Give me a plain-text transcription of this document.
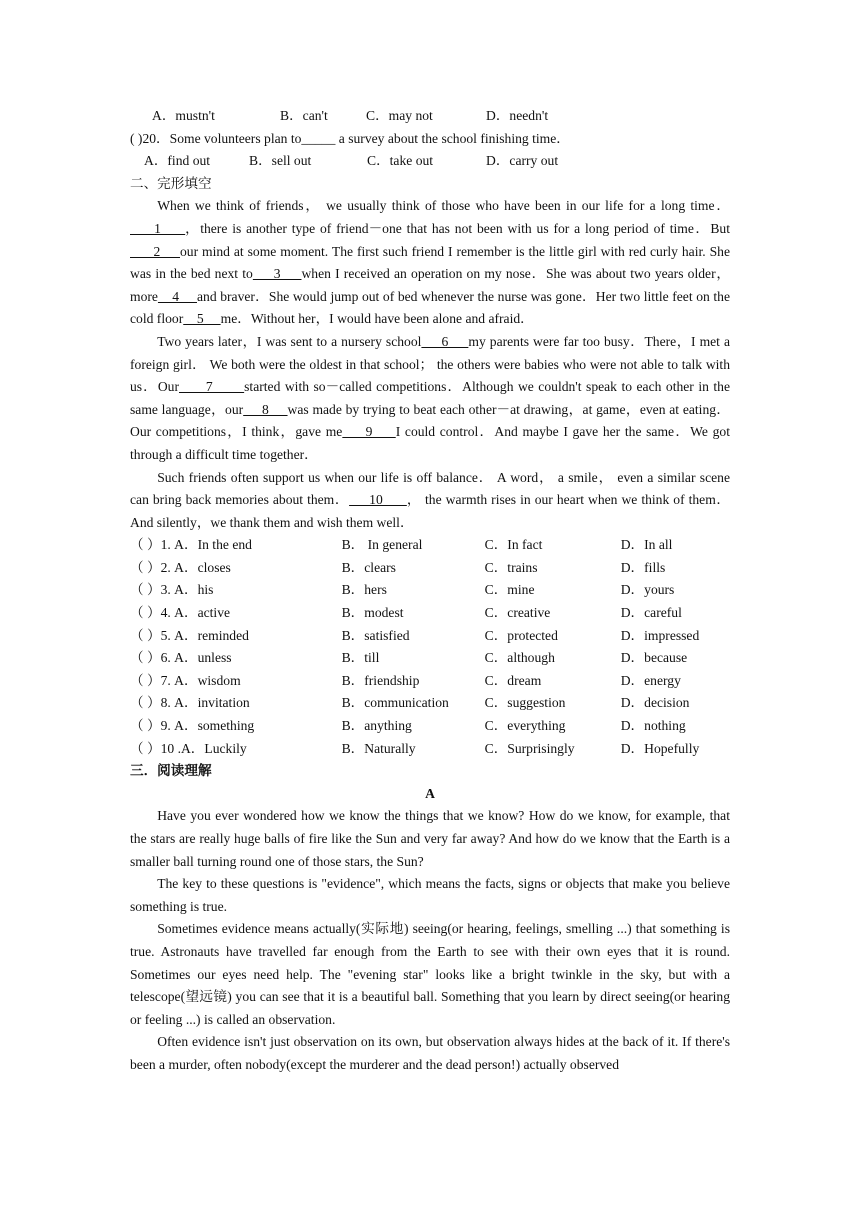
A．mustn't	B．can't	C．may not	D．needn't
( )20．Some volunteers plan to_____ a survey about the school finishing time．
A．find out	B．sell out	C．take out	D．carry out
二、完形填空

When we think of friends， we usually think of those who have been in our life for a long time．     1     ，there is another type of friend－one that has not been with us for a long period of time．But      2     our mind at some moment. The first such friend I remember is the little girl with red curly hair. She was in the bed next to     3     when I received an operation on my nose．She was about two years older，more    4     and braver．She would jump out of bed whenever the nurse was gone．Her two little feet on the cold floor    5     me．Without her，I would have been alone and afraid．

Two years later，I was sent to a nursery school     6     my parents were far too busy．There，I met a foreign girl． We both were the oldest in that school； the others were babies who were not able to talk with us．Our      7       started with so－called competitions．Although we couldn't speak to each other in the same language，our     8     was made by trying to beat each other－at drawing，at game，even at eating．Our competitions，I think，gave me     9     I could control．And maybe I gave her the same．We got through a difficult time together．

Such friends often support us when our life is off balance． A word， a smile， even a similar scene can bring back memories about them．     10      ， the warmth rises in our heart when we think of them．And silently，we thank them and wish them well．

（ ）1. A．In the end	B． In general	C．In fact	D．In all
（ ）2. A．closes	B．clears	C．trains	D．fills
（ ）3. A．his	B．hers	C．mine	D．yours
（ ）4. A．active	B．modest	C．creative	D．careful
（ ）5. A．reminded	B．satisfied	C．protected	D．impressed
（ ）6. A．unless	B．till	C．although	D．because
（ ）7. A．wisdom	B．friendship	C．dream	D．energy
（ ）8. A．invitation	B．communication	C．suggestion	D．decision
（ ）9. A．something	B．anything	C．everything	D．nothing
（ ）10 .A．Luckily	B．Naturally	C．Surprisingly	D．Hopefully
三．阅读理解
A

Have you ever wondered how we know the things that we know? How do we know, for example, that the stars are really huge balls of fire like the Sun and very far away? And how do we know that the Earth is a smaller ball turning round one of those stars, the Sun?

The key to these questions is "evidence", which means the facts, signs or objects that make you believe something is true.

Sometimes evidence means actually(实际地) seeing(or hearing, feelings, smelling ...) that something is true. Astronauts have travelled far enough from the Earth to see with their own eyes that it is round. Sometimes our eyes need help. The "evening star" looks like a bright twinkle in the sky, but with a telescope(望远镜) you can see that it is a beautiful ball. Something that you learn by direct seeing(or hearing or feeling ...) is called an observation.

Often evidence isn't just observation on its own, but observation always hides at the back of it. If there's been a murder, often nobody(except the murderer and the dead person!) actually observed
